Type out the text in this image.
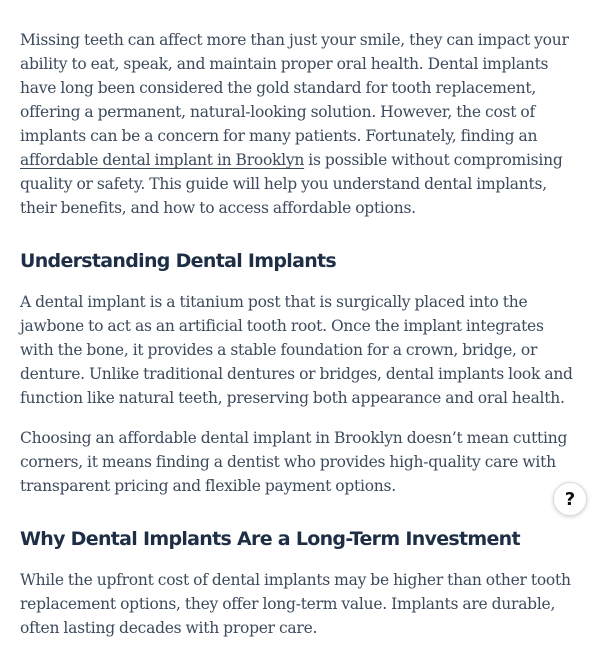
Missing teeth can affect more than just your smile, they can impact your ability to eat, speak, and maintain proper oral health. Dental implants have long been considered the gold standard for tooth replacement, offering a permanent, natural-looking solution. However, the cost of implants can be a concern for many patients. Fortunately, finding an affordable dental implant in Brooklyn is possible without compromising quality or safety. This guide will help you understand dental implants, their benefits, and how to access affordable options.

Understanding Dental Implants

A dental implant is a titanium post that is surgically placed into the jawbone to act as an artificial tooth root. Once the implant integrates with the bone, it provides a stable foundation for a crown, bridge, or denture. Unlike traditional dentures or bridges, dental implants look and function like natural teeth, preserving both appearance and oral health.

Choosing an affordable dental implant in Brooklyn doesn’t mean cutting corners, it means finding a dentist who provides high-quality care with transparent pricing and flexible payment options.

Why Dental Implants Are a Long-Term Investment

While the upfront cost of dental implants may be higher than other tooth replacement options, they offer long-term value. Implants are durable, often lasting decades with proper care.

?
